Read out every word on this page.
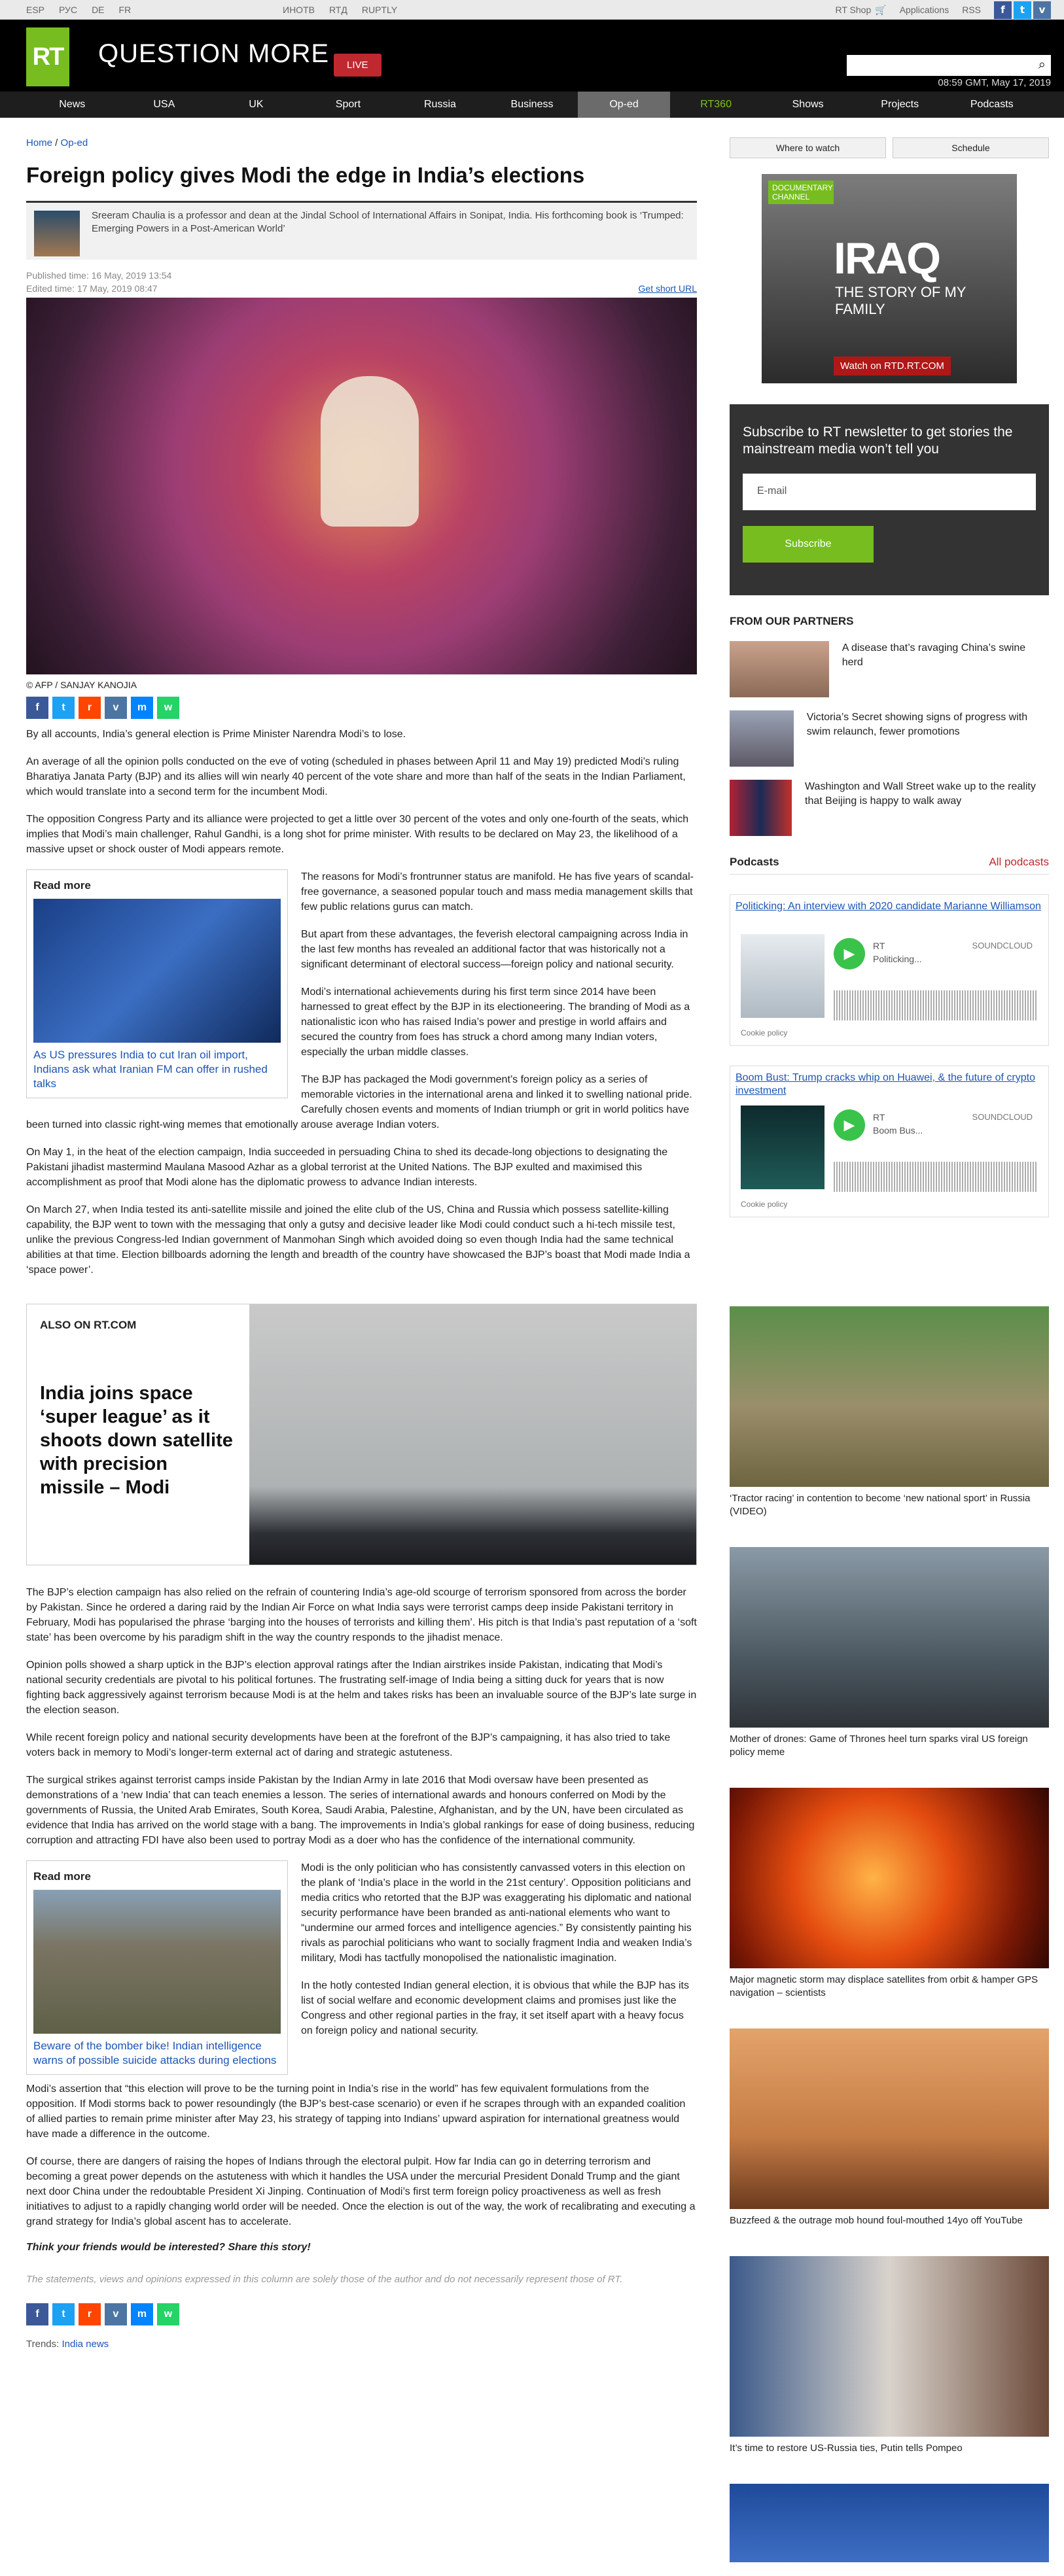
ESP РУС DE FR	ИНОТВ RTД RUPTLY	RT Shop 🛒 Applications RSS	f	t	v
RT QUESTION MORE	LIVE	⌕
08:59 GMT, May 17, 2019
News	USA	UK	Sport	Russia	Business	Op-ed	RT360	Shows	Projects	Podcasts
Home / Op-ed
Foreign policy gives Modi the edge in India’s elections
Sreeram Chaulia is a professor and dean at the Jindal School of International Affairs in Sonipat, India. His forthcoming book is ‘Trumped: Emerging Powers in a Post-American World’
Published time: 16 May, 2019 13:54
Edited time: 17 May, 2019 08:47	Get short URL
© AFP / SANJAY KANOJIA
f	t	r	v	m	w

By all accounts, India’s general election is Prime Minister Narendra Modi’s to lose.

An average of all the opinion polls conducted on the eve of voting (scheduled in phases between April 11 and May 19) predicted Modi’s ruling Bharatiya Janata Party (BJP) and its allies will win nearly 40 percent of the vote share and more than half of the seats in the Indian Parliament, which would translate into a second term for the incumbent Modi.

The opposition Congress Party and its alliance were projected to get a little over 30 percent of the votes and only one-fourth of the seats, which implies that Modi’s main challenger, Rahul Gandhi, is a long shot for prime minister. With results to be declared on May 23, the likelihood of a massive upset or shock ouster of Modi appears remote.

Read more
As US pressures India to cut Iran oil import, Indians ask what Iranian FM can offer in rushed talks

The reasons for Modi’s frontrunner status are manifold. He has five years of scandal-free governance, a seasoned popular touch and mass media management skills that few public relations gurus can match.

But apart from these advantages, the feverish electoral campaigning across India in the last few months has revealed an additional factor that was historically not a significant determinant of electoral success—foreign policy and national security.

Modi’s international achievements during his first term since 2014 have been harnessed to great effect by the BJP in its electioneering. The branding of Modi as a nationalistic icon who has raised India’s power and prestige in world affairs and secured the country from foes has struck a chord among many Indian voters, especially the urban middle classes.

The BJP has packaged the Modi government’s foreign policy as a series of memorable victories in the international arena and linked it to swelling national pride. Carefully chosen events and moments of Indian triumph or grit in world politics have been turned into classic right-wing memes that emotionally arouse average Indian voters.

On May 1, in the heat of the election campaign, India succeeded in persuading China to shed its decade-long objections to designating the Pakistani jihadist mastermind Maulana Masood Azhar as a global terrorist at the United Nations. The BJP exulted and maximised this accomplishment as proof that Modi alone has the diplomatic prowess to advance Indian interests.

On March 27, when India tested its anti-satellite missile and joined the elite club of the US, China and Russia which possess satellite-killing capability, the BJP went to town with the messaging that only a gutsy and decisive leader like Modi could conduct such a hi-tech missile test, unlike the previous Congress-led Indian government of Manmohan Singh which avoided doing so even though India had the same technical abilities at that time. Election billboards adorning the length and breadth of the country have showcased the BJP’s boast that Modi made India a ‘space power’.

ALSO ON RT.COM
India joins space ‘super league’ as it shoots down satellite with precision missile – Modi

The BJP’s election campaign has also relied on the refrain of countering India’s age-old scourge of terrorism sponsored from across the border by Pakistan. Since he ordered a daring raid by the Indian Air Force on what India says were terrorist camps deep inside Pakistani territory in February, Modi has popularised the phrase ‘barging into the houses of terrorists and killing them’. His pitch is that India’s past reputation of a ‘soft state’ has been overcome by his paradigm shift in the way the country responds to the jihadist menace.

Opinion polls showed a sharp uptick in the BJP’s election approval ratings after the Indian airstrikes inside Pakistan, indicating that Modi’s national security credentials are pivotal to his political fortunes. The frustrating self-image of India being a sitting duck for years that is now fighting back aggressively against terrorism because Modi is at the helm and takes risks has been an invaluable source of the BJP’s late surge in the election season.

While recent foreign policy and national security developments have been at the forefront of the BJP’s campaigning, it has also tried to take voters back in memory to Modi’s longer-term external act of daring and strategic astuteness.

The surgical strikes against terrorist camps inside Pakistan by the Indian Army in late 2016 that Modi oversaw have been presented as demonstrations of a ‘new India’ that can teach enemies a lesson. The series of international awards and honours conferred on Modi by the governments of Russia, the United Arab Emirates, South Korea, Saudi Arabia, Palestine, Afghanistan, and by the UN, have been circulated as evidence that India has arrived on the world stage with a bang. The improvements in India’s global rankings for ease of doing business, reducing corruption and attracting FDI have also been used to portray Modi as a doer who has the confidence of the international community.

Read more
Beware of the bomber bike! Indian intelligence warns of possible suicide attacks during elections

Modi is the only politician who has consistently canvassed voters in this election on the plank of ‘India’s place in the world in the 21st century’. Opposition politicians and media critics who retorted that the BJP was exaggerating his diplomatic and national security performance have been branded as anti-national elements who want to “undermine our armed forces and intelligence agencies.” By consistently painting his rivals as parochial politicians who want to socially fragment India and weaken India’s military, Modi has tactfully monopolised the nationalistic imagination.

In the hotly contested Indian general election, it is obvious that while the BJP has its list of social welfare and economic development claims and promises just like the Congress and other regional parties in the fray, it set itself apart with a heavy focus on foreign policy and national security.

Modi’s assertion that “this election will prove to be the turning point in India’s rise in the world” has few equivalent formulations from the opposition. If Modi storms back to power resoundingly (the BJP’s best-case scenario) or even if he scrapes through with an expanded coalition of allied parties to remain prime minister after May 23, his strategy of tapping into Indians’ upward aspiration for international greatness would have made a difference in the outcome.

Of course, there are dangers of raising the hopes of Indians through the electoral pulpit. How far India can go in deterring terrorism and becoming a great power depends on the astuteness with which it handles the USA under the mercurial President Donald Trump and the giant next door China under the redoubtable President Xi Jinping. Continuation of Modi’s first term foreign policy proactiveness as well as fresh initiatives to adjust to a rapidly changing world order will be needed. Once the election is out of the way, the work of recalibrating and executing a grand strategy for India’s global ascent has to accelerate.

Think your friends would be interested? Share this story!
The statements, views and opinions expressed in this column are solely those of the author and do not necessarily represent those of RT.
f	t	r	v	m	w
Trends: India news
Where to watch	Schedule
DOCUMENTARY CHANNEL
IRAQ
THE STORY OF MY FAMILY
Watch on RTD.RT.COM
Subscribe to RT newsletter to get stories the mainstream media won’t tell you
E-mail
Subscribe
FROM OUR PARTNERS
A disease that’s ravaging China’s swine herd
Victoria’s Secret showing signs of progress with swim relaunch, fewer promotions
Washington and Wall Street wake up to the reality that Beijing is happy to walk away
Podcasts	All podcasts
Politicking: An interview with 2020 candidate Marianne Williamson
▶	RT
Politicking...
SOUNDCLOUD
Cookie policy
Boom Bust: Trump cracks whip on Huawei, & the future of crypto investment
▶	RT
Boom Bus...
SOUNDCLOUD
Cookie policy
‘Tractor racing’ in contention to become ‘new national sport’ in Russia (VIDEO)
Mother of drones: Game of Thrones heel turn sparks viral US foreign policy meme
Major magnetic storm may displace satellites from orbit & hamper GPS navigation – scientists
Buzzfeed & the outrage mob hound foul-mouthed 14yo off YouTube
It’s time to restore US-Russia ties, Putin tells Pompeo
